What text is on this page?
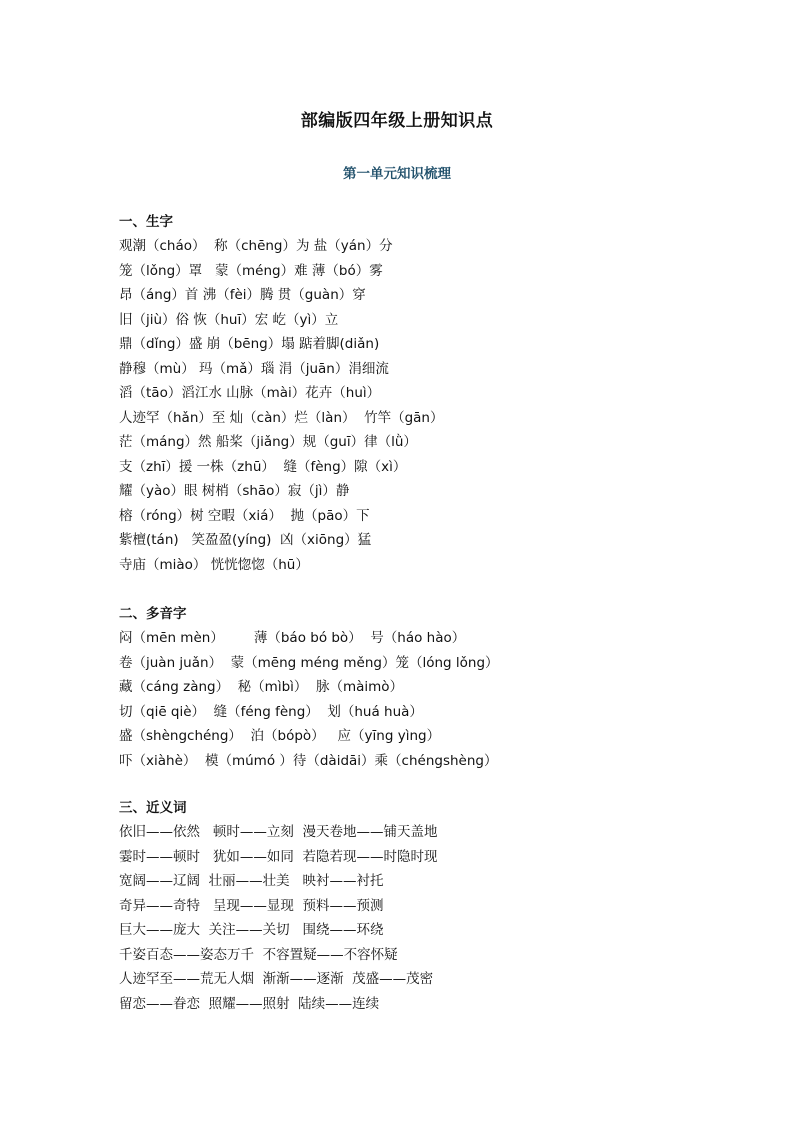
部编版四年级上册知识点
第一单元知识梳理
一、生字
观潮（cháo）  称（chēng）为 盐（yán）分
笼（lǒng）罩   蒙（méng）难 薄（bó）雾
昂（áng）首 沸（fèi）腾 贯（guàn）穿
旧（jiù）俗 恢（huī）宏 屹（yì）立
鼎（dǐng）盛 崩（bēng）塌 踮着脚(diǎn)
静穆（mù） 玛（mǎ）瑙 涓（juān）涓细流
滔（tāo）滔江水 山脉（mài）花卉（huì）
人迹罕（hǎn）至 灿（càn）烂（làn）  竹竿（gān）
茫（máng）然 船桨（jiǎng）规（guī）律（lǜ）
支（zhī）援 一株（zhū）  缝（fèng）隙（xì）
耀（yào）眼 树梢（shāo）寂（jì）静
榕（róng）树 空暇（xiá）  抛（pāo）下
紫檀(tán)   笑盈盈(yíng)  凶（xiōng）猛
寺庙（miào） 恍恍惚惚（hū）
二、多音字
闷（mēn mèn）       薄（báo bó bò）  号（háo hào）
卷（juàn juǎn）  蒙（mēng méng měng）笼（lóng lǒng）
藏（cáng zàng）  秘（mìbì）  脉（màimò）
切（qiē qiè）  缝（féng fèng）  划（huá huà）
盛（shèngchéng）  泊（bópò）   应（yīng yìng）
吓（xiàhè）  模（múmó ）待（dàidāi）乘（chéngshèng）
三、近义词
依旧——依然   顿时——立刻  漫天卷地——铺天盖地
霎时——顿时   犹如——如同  若隐若现——时隐时现
宽阔——辽阔  壮丽——壮美   映衬——衬托
奇异——奇特   呈现——显现  预料——预测
巨大——庞大  关注——关切   围绕——环绕
千姿百态——姿态万千  不容置疑——不容怀疑
人迹罕至——荒无人烟  渐渐——逐渐  茂盛——茂密
留恋——眷恋  照耀——照射  陆续——连续
